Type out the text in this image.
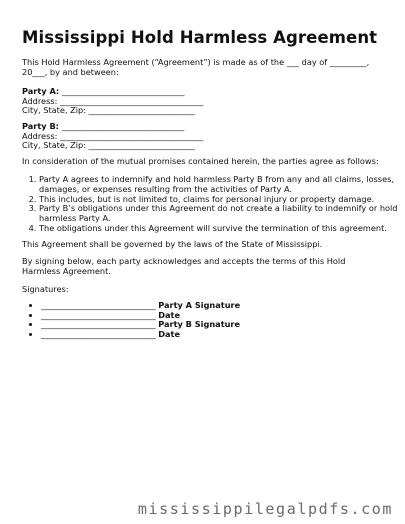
Mississippi Hold Harmless Agreement

This Hold Harmless Agreement (“Agreement”) is made as of the ___ day of _________,
20___, by and between:

Party A: ______________________________
Address: ___________________________________
City, State, Zip: __________________________
Party B: ______________________________
Address: ___________________________________
City, State, Zip: __________________________

In consideration of the mutual promises contained herein, the parties agree as follows:

1. Party A agrees to indemnify and hold harmless Party B from any and all claims, losses, damages, or expenses resulting from the activities of Party A.
2. This includes, but is not limited to, claims for personal injury or property damage.
3. Party B’s obligations under this Agreement do not create a liability to indemnify or hold harmless Party A.
4. The obligations under this Agreement will survive the termination of this agreement.

This Agreement shall be governed by the laws of the State of Mississippi.

By signing below, each party acknowledges and accepts the terms of this Hold Harmless Agreement.

Signatures:

• ____________________________ Party A Signature
• ____________________________ Date
• ____________________________ Party B Signature
• ____________________________ Date
mississippilegalpdfs.com
